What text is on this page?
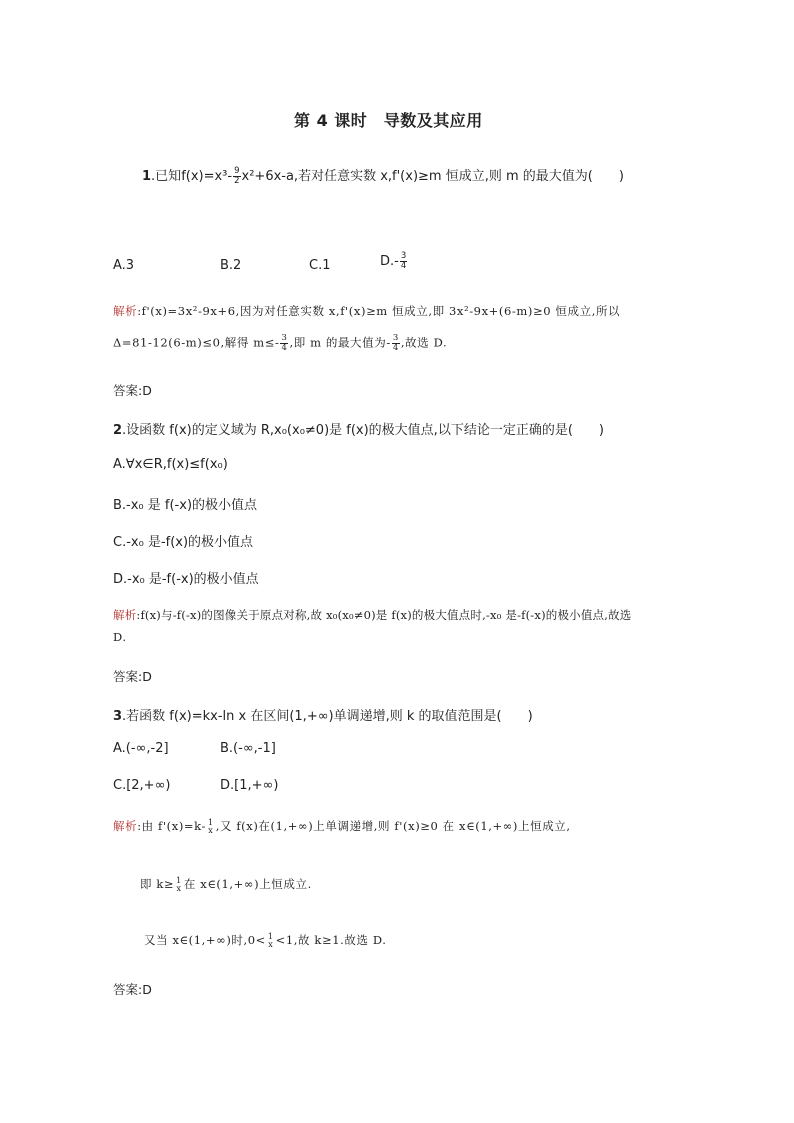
第 4 课时　导数及其应用
1.已知$f(x)=x^3- \frac{9}{2} x^2+6x-a$,若对任意实数 x,f'(x)≥m 恒成立,则 m 的最大值为(　　)
A.3	B.2	C.1	$D.- \frac{3}{4}$
解析:f'(x)=3x²-9x+6,因为对任意实数 x,f'(x)≥m 恒成立,即 3x²-9x+(6-m)≥0 恒成立,所以
Δ=81-12(6-m)≤0,解得 $m\le- \frac{3}{4}$ ,即 m 的最大值为- $\frac{3}{4}$ ,故选 D.
答案:D
2.设函数 f(x)的定义域为 R,x₀(x₀≠0)是 f(x)的极大值点,以下结论一定正确的是(　　)
A.∀x∈R,f(x)≤f(x₀)
B.-x₀ 是 f(-x)的极小值点
C.-x₀ 是-f(x)的极小值点
D.-x₀ 是-f(-x)的极小值点
解析:f(x)与-f(-x)的图像关于原点对称,故 x₀(x₀≠0)是 f(x)的极大值点时,-x₀ 是-f(-x)的极小值点,故选
D.
答案:D
3.若函数 f(x)=kx-ln x 在区间(1,+∞)单调递增,则 k 的取值范围是(　　)
A.(-∞,-2]	B.(-∞,-1]
C.[2,+∞)	D.[1,+∞)
解析:由 f'(x)=k- 1
x ,又 f(x)在(1,+∞)上单调递增,则 f'(x)≥0 在 x∈(1,+∞)上恒成立,
即 k≥ 1
x 在 x∈(1,+∞)上恒成立.
又当 x∈(1,+∞)时,0< 1
x <1,故 k≥1.故选 D.
答案:D
